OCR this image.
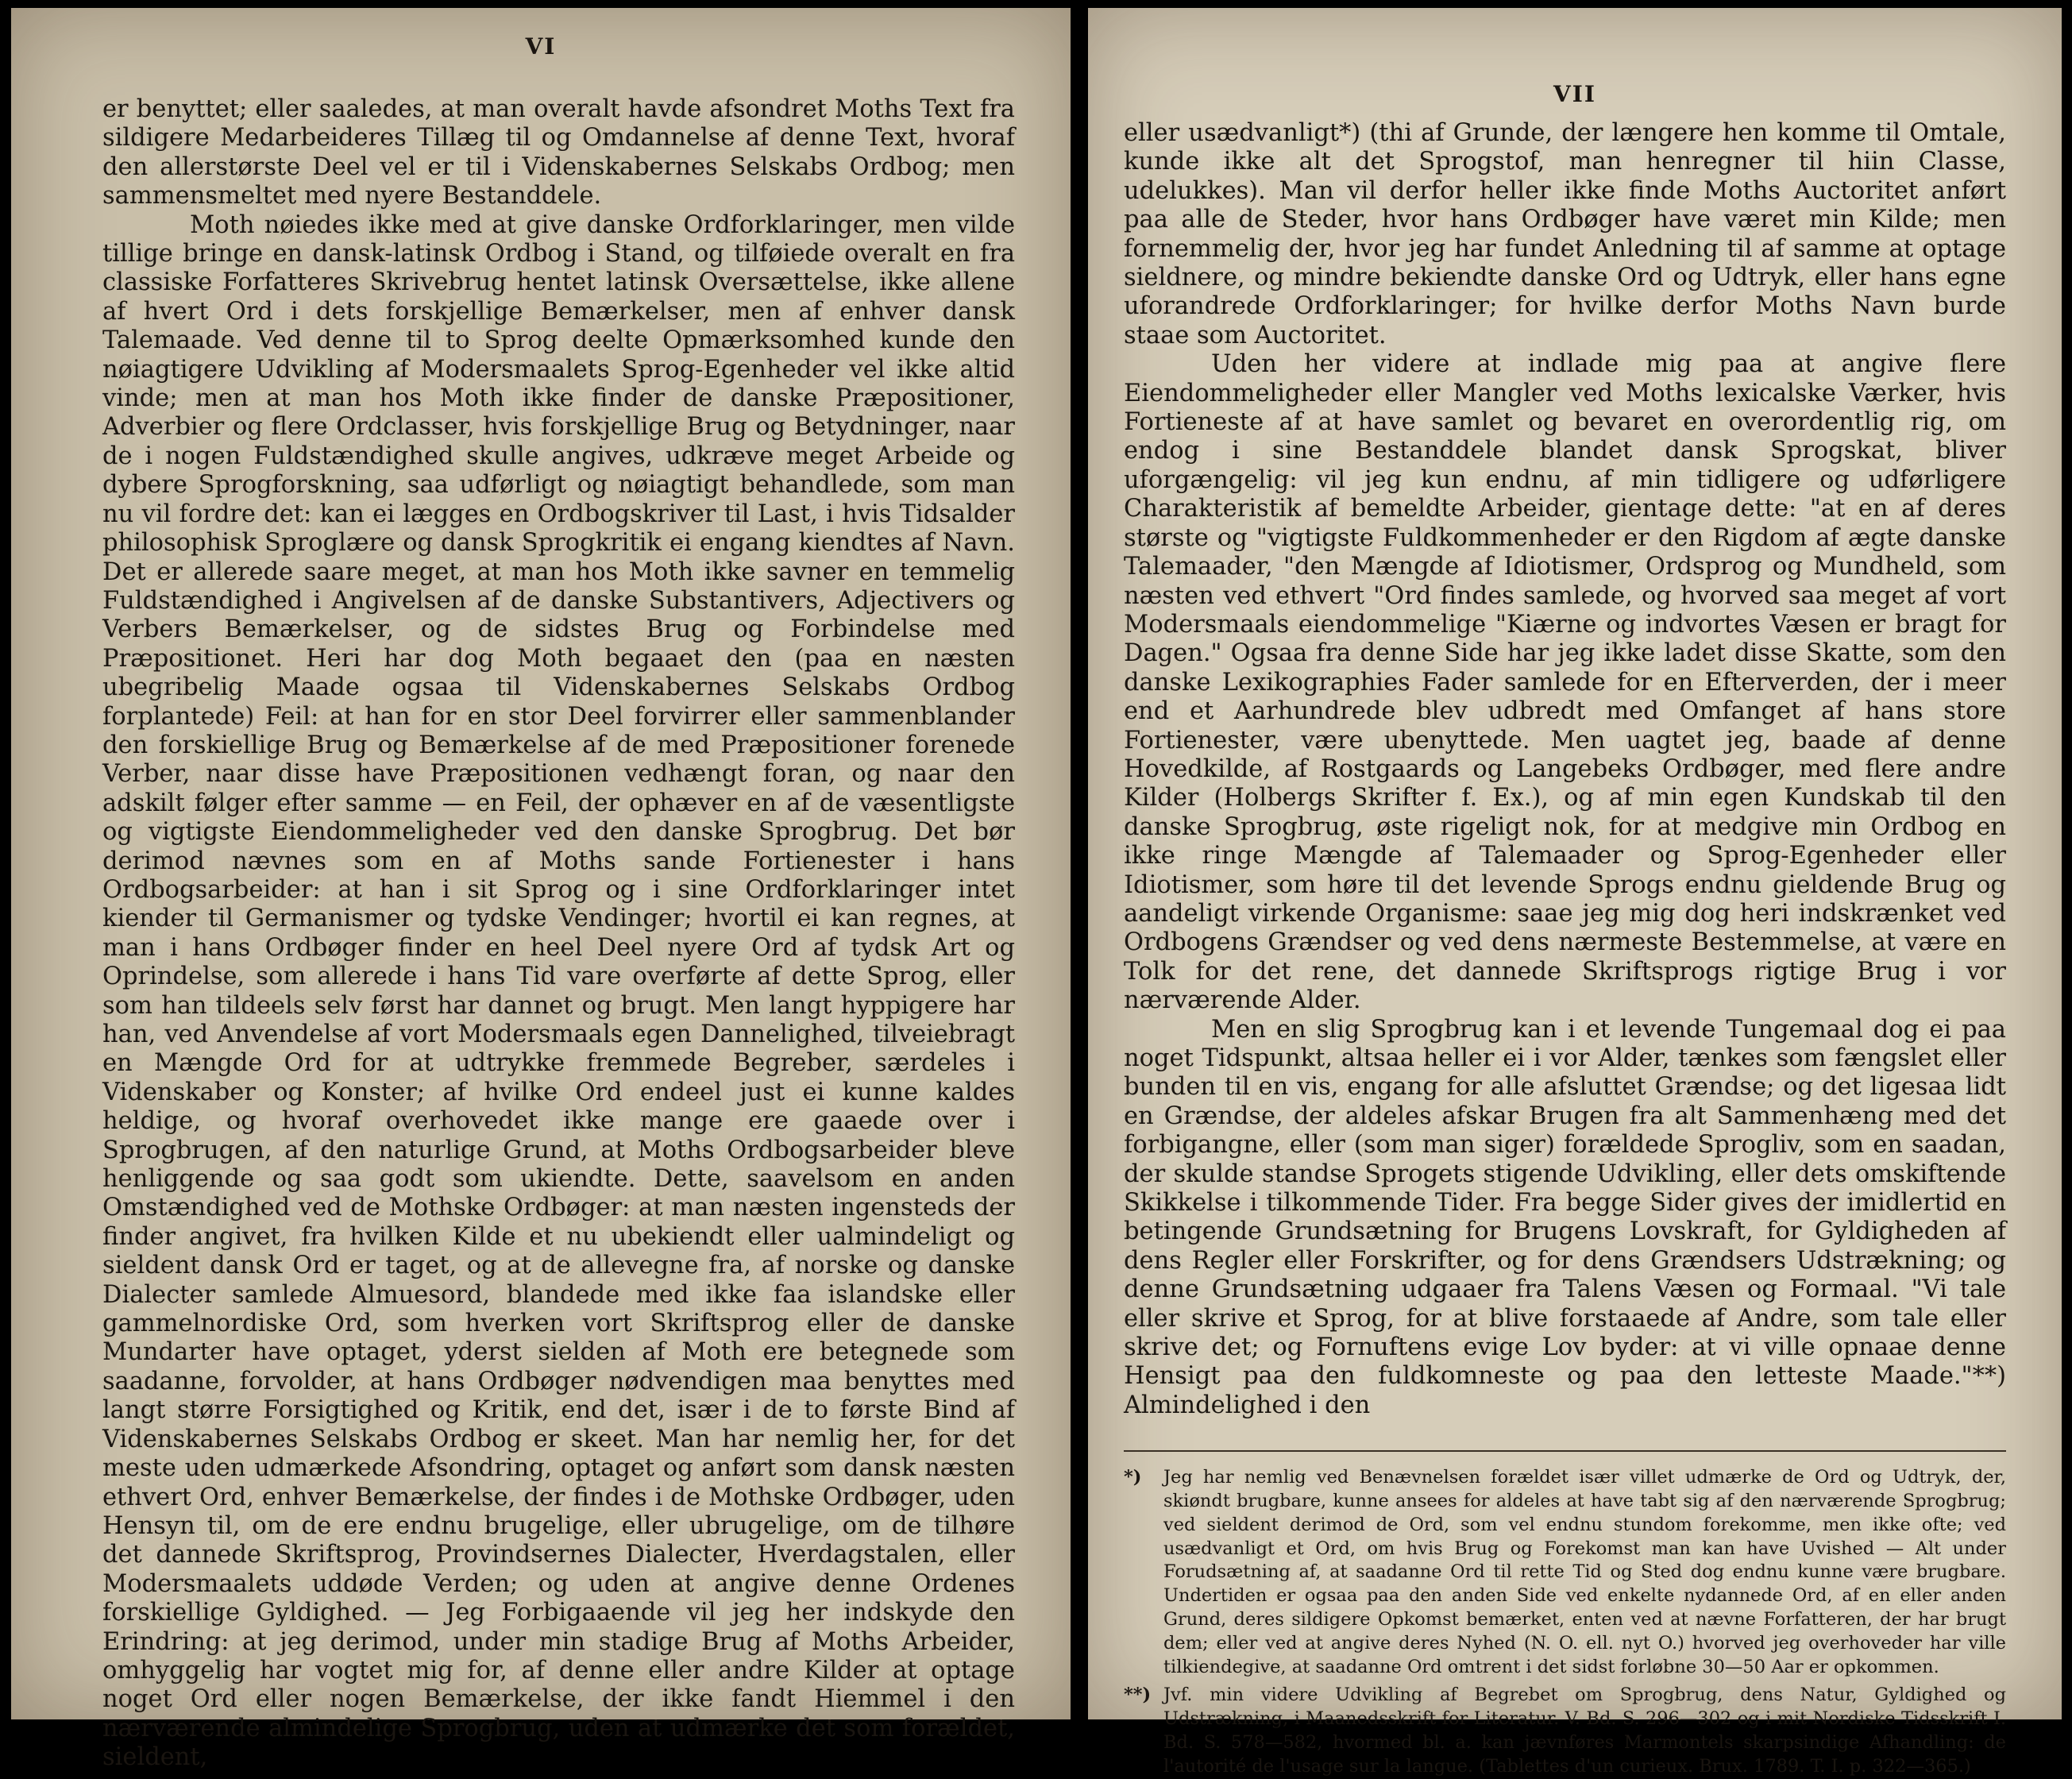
VI

er benyttet; eller saaledes, at man overalt havde afsondret Moths Text fra sildigere Medarbeideres Tillæg til og Omdannelse af denne Text, hvoraf den allerstørste Deel vel er til i Videnskabernes Selskabs Ordbog; men sammensmeltet med nyere Bestanddele.

Moth nøiedes ikke med at give danske Ordforklaringer, men vilde tillige bringe en dansk-latinsk Ordbog i Stand, og tilføiede overalt en fra classiske Forfatteres Skrivebrug hentet latinsk Oversættelse, ikke allene af hvert Ord i dets forskjellige Bemærkelser, men af enhver dansk Talemaade. Ved denne til to Sprog deelte Opmærksomhed kunde den nøiagtigere Udvikling af Modersmaalets Sprog-Egenheder vel ikke altid vinde; men at man hos Moth ikke finder de danske Præpositioner, Adverbier og flere Ordclasser, hvis forskjellige Brug og Betydninger, naar de i nogen Fuldstændighed skulle angives, udkræve meget Arbeide og dybere Sprogforskning, saa udførligt og nøiagtigt behandlede, som man nu vil fordre det: kan ei lægges en Ordbogskriver til Last, i hvis Tidsalder philosophisk Sproglære og dansk Sprogkritik ei engang kiendtes af Navn. Det er allerede saare meget, at man hos Moth ikke savner en temmelig Fuldstændighed i Angivelsen af de danske Substantivers, Adjectivers og Verbers Bemærkelser, og de sidstes Brug og Forbindelse med Præpositionet. Heri har dog Moth begaaet den (paa en næsten ubegribelig Maade ogsaa til Videnskabernes Selskabs Ordbog forplantede) Feil: at han for en stor Deel forvirrer eller sammenblander den forskiellige Brug og Bemærkelse af de med Præpositioner forenede Verber, naar disse have Præpositionen vedhængt foran, og naar den adskilt følger efter samme — en Feil, der ophæver en af de væsentligste og vigtigste Eiendommeligheder ved den danske Sprogbrug. Det bør derimod nævnes som en af Moths sande Fortienester i hans Ordbogsarbeider: at han i sit Sprog og i sine Ordforklaringer intet kiender til Germanismer og tydske Vendinger; hvortil ei kan regnes, at man i hans Ordbøger finder en heel Deel nyere Ord af tydsk Art og Oprindelse, som allerede i hans Tid vare overførte af dette Sprog, eller som han tildeels selv først har dannet og brugt. Men langt hyppigere har han, ved Anvendelse af vort Modersmaals egen Dannelighed, tilveiebragt en Mængde Ord for at udtrykke fremmede Begreber, særdeles i Videnskaber og Konster; af hvilke Ord endeel just ei kunne kaldes heldige, og hvoraf overhovedet ikke mange ere gaaede over i Sprogbrugen, af den naturlige Grund, at Moths Ordbogsarbeider bleve henliggende og saa godt som ukiendte. Dette, saavelsom en anden Omstændighed ved de Mothske Ordbøger: at man næsten ingensteds der finder angivet, fra hvilken Kilde et nu ubekiendt eller ualmindeligt og sieldent dansk Ord er taget, og at de allevegne fra, af norske og danske Dialecter samlede Almuesord, blandede med ikke faa islandske eller gammelnordiske Ord, som hverken vort Skriftsprog eller de danske Mundarter have optaget, yderst sielden af Moth ere betegnede som saadanne, forvolder, at hans Ordbøger nødvendigen maa benyttes med langt større Forsigtighed og Kritik, end det, især i de to første Bind af Videnskabernes Selskabs Ordbog er skeet. Man har nemlig her, for det meste uden udmærkede Afsondring, optaget og anført som dansk næsten ethvert Ord, enhver Bemærkelse, der findes i de Mothske Ordbøger, uden Hensyn til, om de ere endnu brugelige, eller ubrugelige, om de tilhøre det dannede Skriftsprog, Provindsernes Dialecter, Hverdagstalen, eller Modersmaalets uddøde Verden; og uden at angive denne Ordenes forskiellige Gyldighed. — Jeg Forbigaaende vil jeg her indskyde den Erindring: at jeg derimod, under min stadige Brug af Moths Arbeider, omhyggelig har vogtet mig for, af denne eller andre Kilder at optage noget Ord eller nogen Bemærkelse, der ikke fandt Hiemmel i den nærværende almindelige Sprogbrug, uden at udmærke det som forældet, sieldent,

VII

eller usædvanligt*) (thi af Grunde, der længere hen komme til Omtale, kunde ikke alt det Sprogstof, man henregner til hiin Classe, udelukkes). Man vil derfor heller ikke finde Moths Auctoritet anført paa alle de Steder, hvor hans Ordbøger have været min Kilde; men fornemmelig der, hvor jeg har fundet Anledning til af samme at optage sieldnere, og mindre bekiendte danske Ord og Udtryk, eller hans egne uforandrede Ordforklaringer; for hvilke derfor Moths Navn burde staae som Auctoritet.

Uden her videre at indlade mig paa at angive flere Eiendommeligheder eller Mangler ved Moths lexicalske Værker, hvis Fortieneste af at have samlet og bevaret en overordentlig rig, om endog i sine Bestanddele blandet dansk Sprogskat, bliver uforgængelig: vil jeg kun endnu, af min tidligere og udførligere Charakteristik af bemeldte Arbeider, gientage dette: "at en af deres største og "vigtigste Fuldkommenheder er den Rigdom af ægte danske Talemaader, "den Mængde af Idiotismer, Ordsprog og Mundheld, som næsten ved ethvert "Ord findes samlede, og hvorved saa meget af vort Modersmaals eiendommelige "Kiærne og indvortes Væsen er bragt for Dagen." Ogsaa fra denne Side har jeg ikke ladet disse Skatte, som den danske Lexikographies Fader samlede for en Efterverden, der i meer end et Aarhundrede blev udbredt med Omfanget af hans store Fortienester, være ubenyttede. Men uagtet jeg, baade af denne Hovedkilde, af Rostgaards og Langebeks Ordbøger, med flere andre Kilder (Holbergs Skrifter f. Ex.), og af min egen Kundskab til den danske Sprogbrug, øste rigeligt nok, for at medgive min Ordbog en ikke ringe Mængde af Talemaader og Sprog-Egenheder eller Idiotismer, som høre til det levende Sprogs endnu gieldende Brug og aandeligt virkende Organisme: saae jeg mig dog heri indskrænket ved Ordbogens Grændser og ved dens nærmeste Bestemmelse, at være en Tolk for det rene, det dannede Skriftsprogs rigtige Brug i vor nærværende Alder.

Men en slig Sprogbrug kan i et levende Tungemaal dog ei paa noget Tidspunkt, altsaa heller ei i vor Alder, tænkes som fængslet eller bunden til en vis, engang for alle afsluttet Grændse; og det ligesaa lidt en Grændse, der aldeles afskar Brugen fra alt Sammenhæng med det forbigangne, eller (som man siger) forældede Sprogliv, som en saadan, der skulde standse Sprogets stigende Udvikling, eller dets omskiftende Skikkelse i tilkommende Tider. Fra begge Sider gives der imidlertid en betingende Grundsætning for Brugens Lovskraft, for Gyldigheden af dens Regler eller Forskrifter, og for dens Grændsers Udstrækning; og denne Grundsætning udgaaer fra Talens Væsen og Formaal. "Vi tale eller skrive et Sprog, for at blive forstaaede af Andre, som tale eller skrive det; og Fornuftens evige Lov byder: at vi ville opnaae denne Hensigt paa den fuldkomneste og paa den letteste Maade."**) Almindelighed i den

*)	Jeg har nemlig ved Benævnelsen forældet især villet udmærke de Ord og Udtryk, der, skiøndt brugbare, kunne ansees for aldeles at have tabt sig af den nærværende Sprogbrug; ved sieldent derimod de Ord, som vel endnu stundom forekomme, men ikke ofte; ved usædvanligt et Ord, om hvis Brug og Forekomst man kan have Uvished — Alt under Forudsætning af, at saadanne Ord til rette Tid og Sted dog endnu kunne være brugbare. Undertiden er ogsaa paa den anden Side ved enkelte nydannede Ord, af en eller anden Grund, deres sildigere Opkomst bemærket, enten ved at nævne Forfatteren, der har brugt dem; eller ved at angive deres Nyhed (N. O. ell. nyt O.) hvorved jeg overhoveder har ville tilkiendegive, at saadanne Ord omtrent i det sidst forløbne 30—50 Aar er opkommen.
**) Jvf. min videre Udvikling af Begrebet om Sprogbrug, dens Natur, Gyldighed og Udstrækning, i Maanedsskrift for Literatur. V. Bd. S. 296—302 og i mit Nordiske Tidsskrift I. Bd. S. 578—582, hvormed bl. a. kan jævnføres Marmontels skarpsindige Afhandling: de l'autorité de l'usage sur la langue. (Tablettes d'un curieux. Brux. 1789. T. I. p. 322—365.)
